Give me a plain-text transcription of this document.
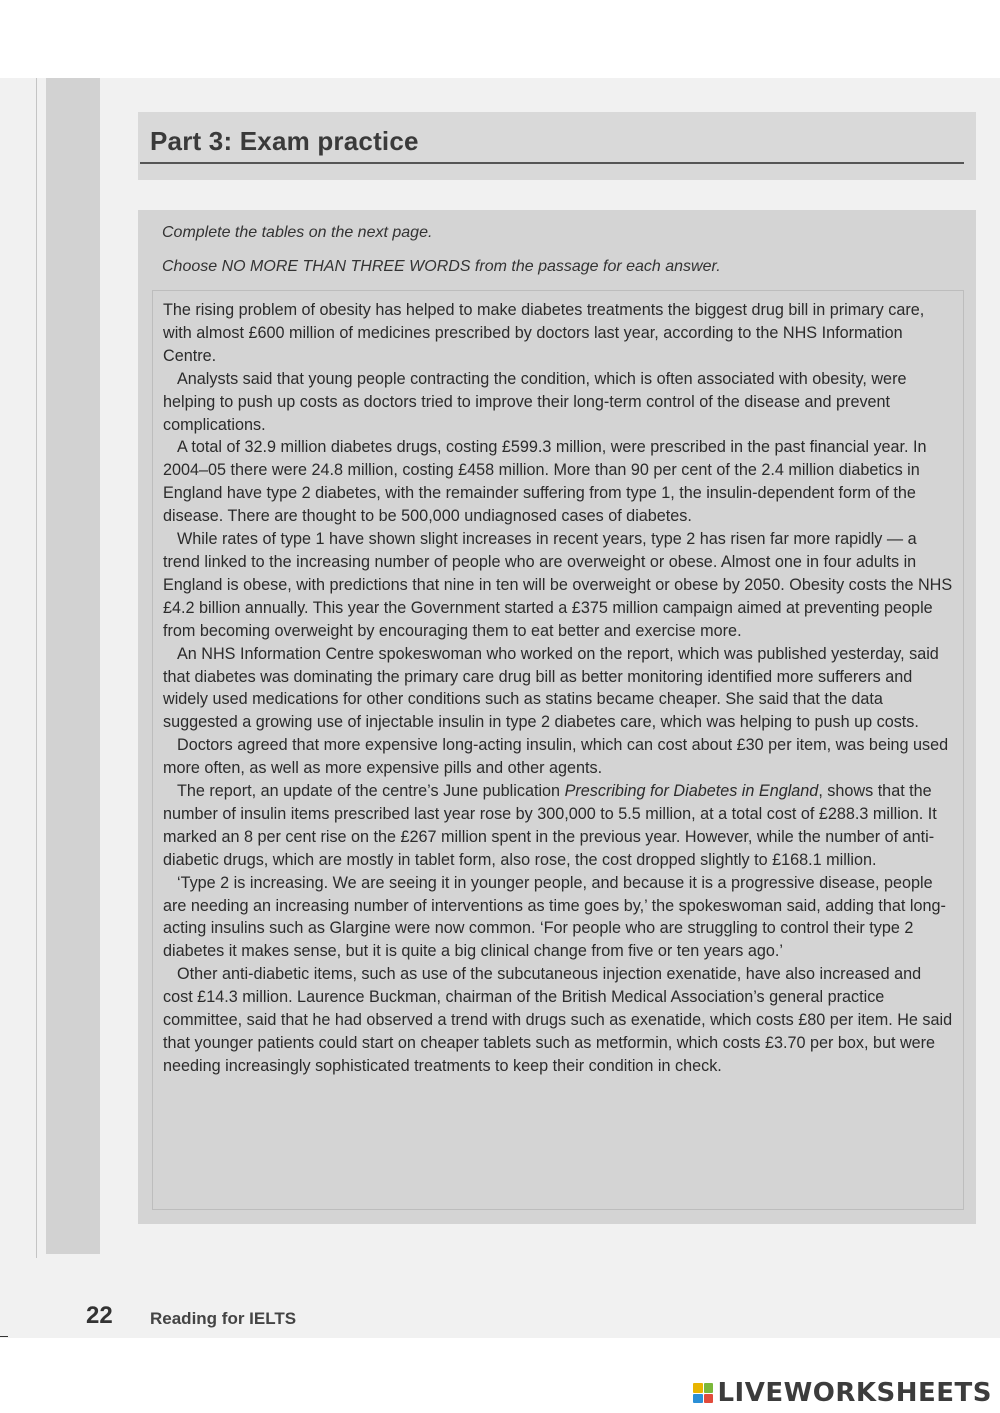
Part 3: Exam practice

Complete the tables on the next page.

Choose NO MORE THAN THREE WORDS from the passage for each answer.

The rising problem of obesity has helped to make diabetes treatments the biggest drug bill in primary care, with almost £600 million of medicines prescribed by doctors last year, according to the NHS Information Centre.

Analysts said that young people contracting the condition, which is often associated with obesity, were helping to push up costs as doctors tried to improve their long-term control of the disease and prevent complications.

A total of 32.9 million diabetes drugs, costing £599.3 million, were prescribed in the past financial year. In 2004–05 there were 24.8 million, costing £458 million. More than 90 per cent of the 2.4 million diabetics in England have type 2 diabetes, with the remainder suffering from type 1, the insulin-dependent form of the disease. There are thought to be 500,000 undiagnosed cases of diabetes.

While rates of type 1 have shown slight increases in recent years, type 2 has risen far more rapidly — a trend linked to the increasing number of people who are overweight or obese. Almost one in four adults in England is obese, with predictions that nine in ten will be overweight or obese by 2050. Obesity costs the NHS £4.2 billion annually. This year the Government started a £375 million campaign aimed at preventing people from becoming overweight by encouraging them to eat better and exercise more.

An NHS Information Centre spokeswoman who worked on the report, which was published yesterday, said that diabetes was dominating the primary care drug bill as better monitoring identified more sufferers and widely used medications for other conditions such as statins became cheaper. She said that the data suggested a growing use of injectable insulin in type 2 diabetes care, which was helping to push up costs.

Doctors agreed that more expensive long-acting insulin, which can cost about £30 per item, was being used more often, as well as more expensive pills and other agents.

The report, an update of the centre’s June publication Prescribing for Diabetes in England, shows that the number of insulin items prescribed last year rose by 300,000 to 5.5 million, at a total cost of £288.3 million. It marked an 8 per cent rise on the £267 million spent in the previous year. However, while the number of anti-diabetic drugs, which are mostly in tablet form, also rose, the cost dropped slightly to £168.1 million.

‘Type 2 is increasing. We are seeing it in younger people, and because it is a progressive disease, people are needing an increasing number of interventions as time goes by,’ the spokeswoman said, adding that long-acting insulins such as Glargine were now common. ‘For people who are struggling to control their type 2 diabetes it makes sense, but it is quite a big clinical change from five or ten years ago.’

Other anti-diabetic items, such as use of the subcutaneous injection exenatide, have also increased and cost £14.3 million. Laurence Buckman, chairman of the British Medical Association’s general practice committee, said that he had observed a trend with drugs such as exenatide, which costs £80 per item. He said that younger patients could start on cheaper tablets such as metformin, which costs £3.70 per box, but were needing increasingly sophisticated treatments to keep their condition in check.

22 Reading for IELTS

LIVEWORKSHEETS
